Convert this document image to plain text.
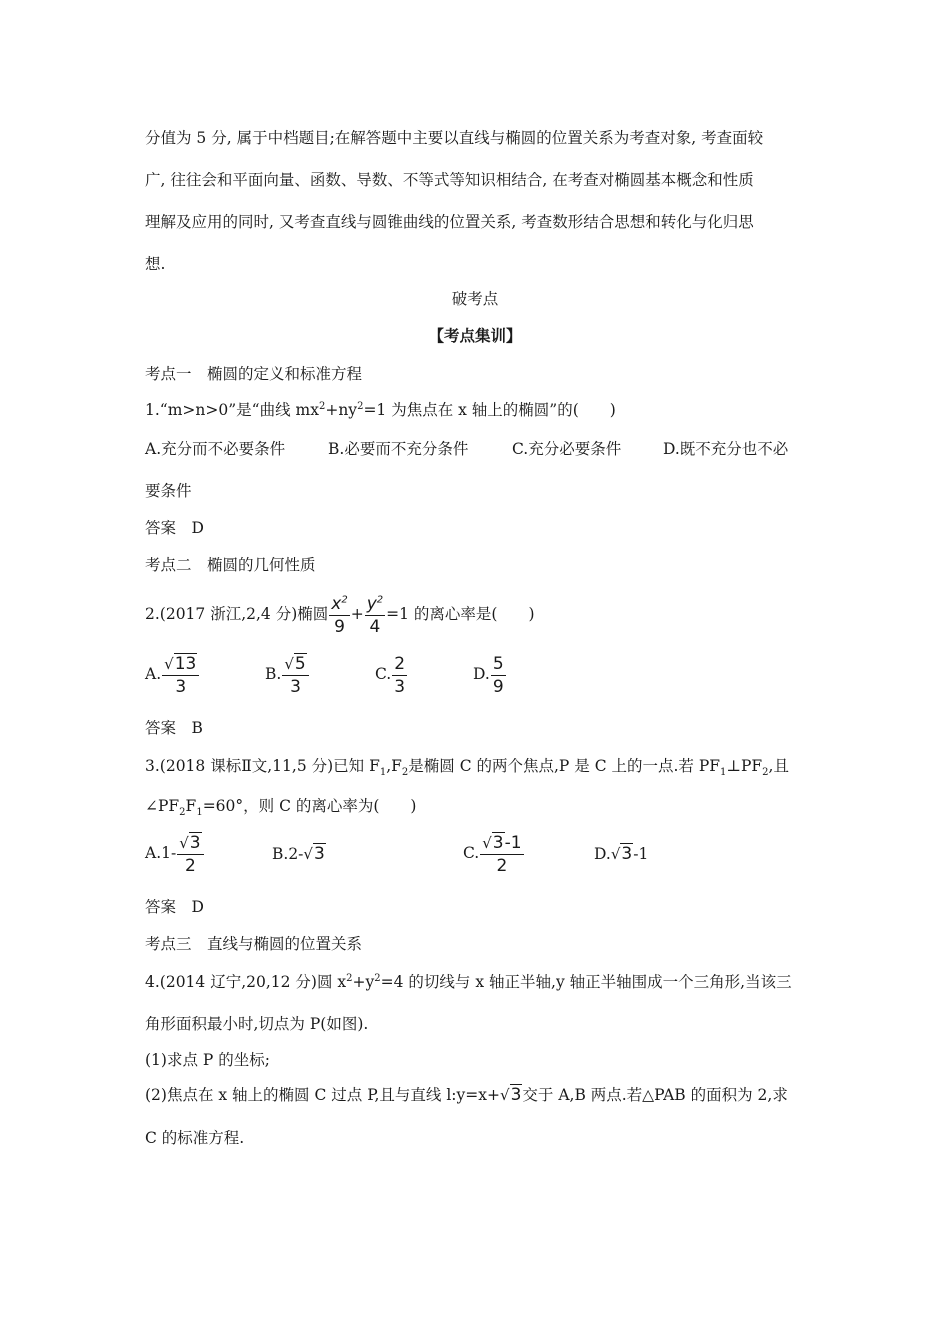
分值为 5 分, 属于中档题目;在解答题中主要以直线与椭圆的位置关系为考查对象, 考查面较
广, 往往会和平面向量、函数、导数、不等式等知识相结合, 在考查对椭圆基本概念和性质
理解及应用的同时, 又考查直线与圆锥曲线的位置关系, 考查数形结合思想和转化与化归思
想.
破考点
【考点集训】
考点一　椭圆的定义和标准方程
1.“m>n>0”是“曲线 $mx^2+ny^2=1$ 为焦点在 x 轴上的椭圆”的(　　)
A.充分而不必要条件	B.必要而不充分条件	C.充分必要条件	D.既不充分也不必
要条件
答案　D
考点二　椭圆的几何性质
2.(2017 浙江,2,4 分)椭圆 $\frac{x^2}{9} + \frac{y^2}{4} =1$ 的离心率是(　　)
A. $\frac{√13}{3}$	B. $\frac{√5}{3}$	C. $\frac{2}{3}$	D. $\frac{5}{9}$
答案　B
3.(2018 课标Ⅱ文,11,5 分)已知 $F_1,F_2$是椭圆 C 的两个焦点,P 是 C 上的一点.若 $PF_1\perp PF_2$,且
$\angle PF_2F_1=60^\circ$，则 C 的离心率为(　　)
$A.1- \frac{√3}{2}$	B.2-√3	C. $\frac{√3-1}{2}$	D.√3-1
答案　D
考点三　直线与椭圆的位置关系
4.(2014 辽宁,20,12 分)圆 $x^2+y^2=4$ 的切线与 x 轴正半轴,y 轴正半轴围成一个三角形,当该三
角形面积最小时,切点为 P(如图).
(1)求点 P 的坐标;
(2)焦点在 x 轴上的椭圆 C 过点 P,且与直线 l:y=x+√3交于 A,B 两点.若△PAB 的面积为 2,求
C 的标准方程.
